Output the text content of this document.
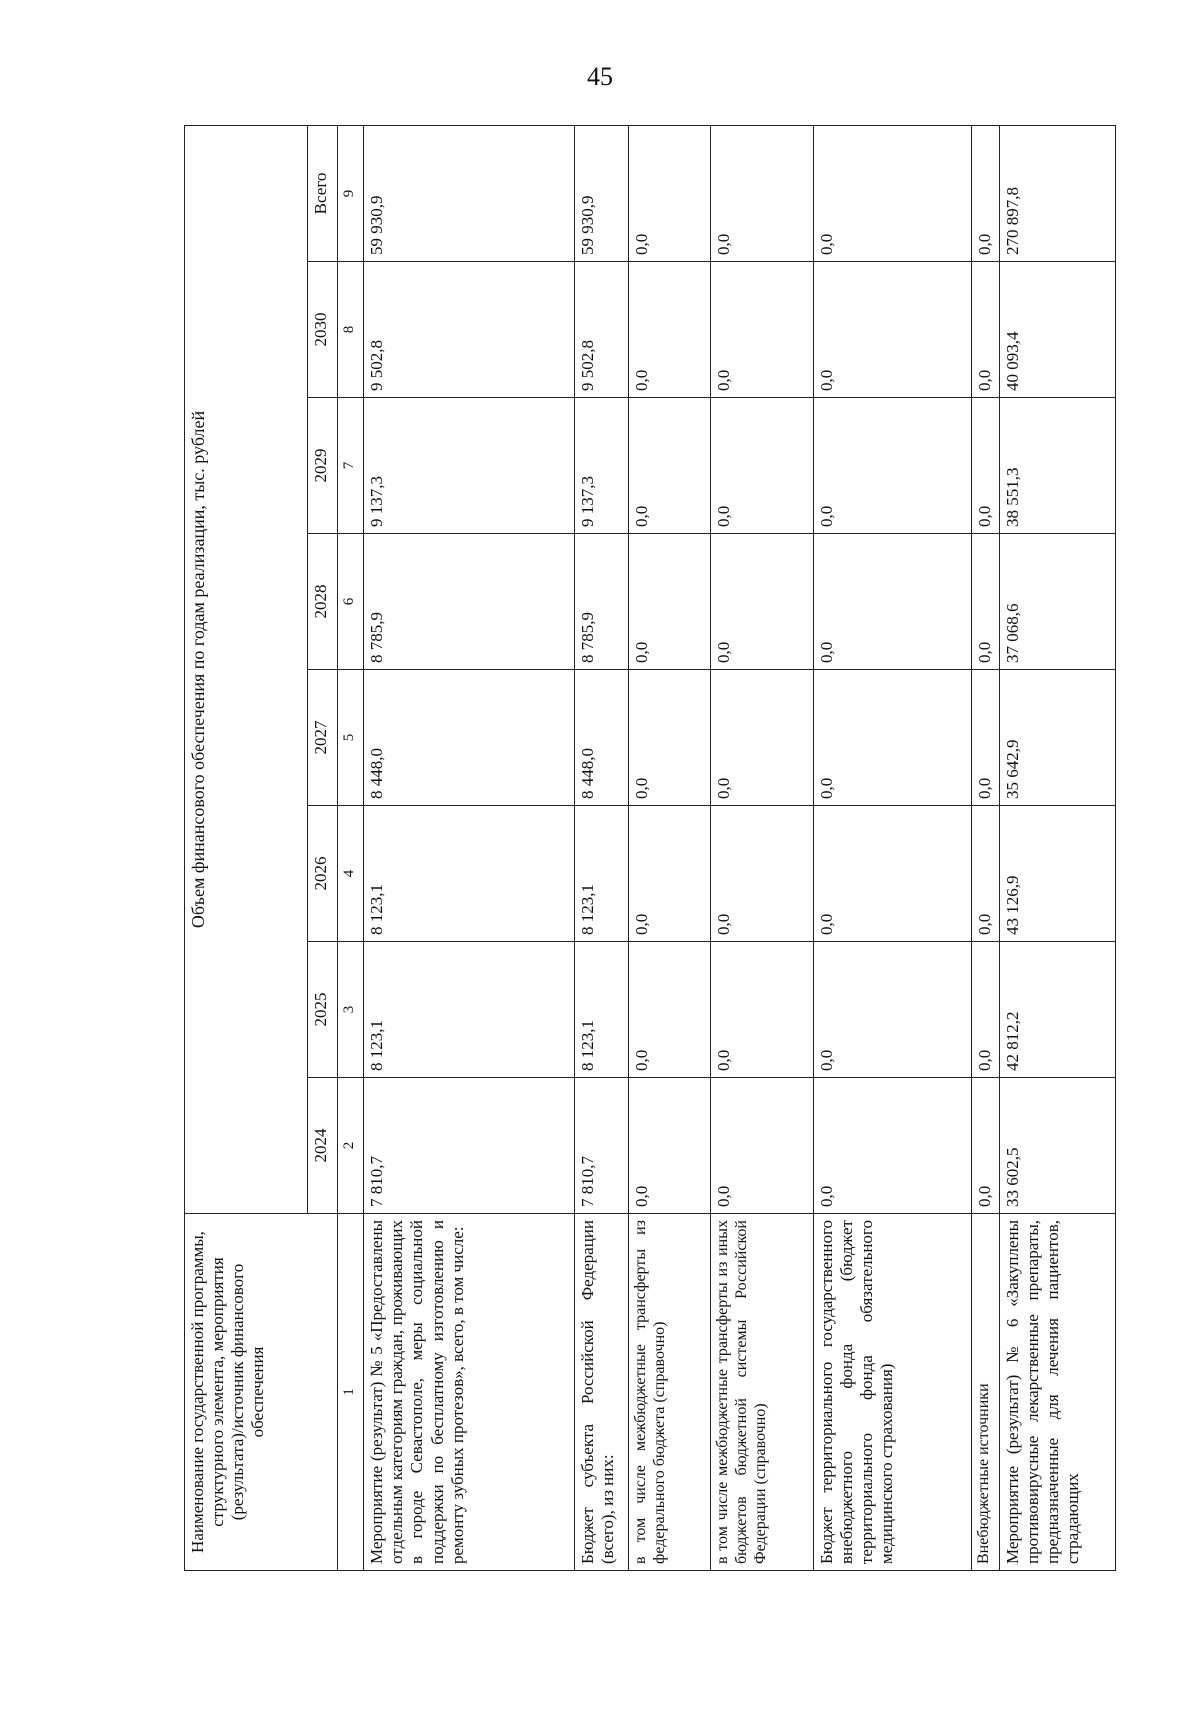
45
Наименование государственной программы, структурного элемента, мероприятия (результата)/источник финансового обеспечения	Объем финансового обеспечения по годам реализации, тыс. рублей							
	2024	2025	2026	2027	2028	2029	2030	Всего
1	2	3	4	5	6	7	8	9
Мероприятие (результат) № 5 «Предоставлены отдельным категориям граждан, проживающих в городе Севастополе, меры социальной поддержки по бесплатному изготовлению и ремонту зубных протезов», всего, в том числе:	7 810,7	8 123,1	8 123,1	8 448,0	8 785,9	9 137,3	9 502,8	59 930,9
Бюджет субъекта Российской Федерации (всего), из них:	7 810,7	8 123,1	8 123,1	8 448,0	8 785,9	9 137,3	9 502,8	59 930,9
в том числе межбюджетные трансферты из федерального бюджета (справочно)	0,0	0,0	0,0	0,0	0,0	0,0	0,0	0,0
в том числе межбюджетные трансферты из иных бюджетов бюджетной системы Российской Федерации (справочно)	0,0	0,0	0,0	0,0	0,0	0,0	0,0	0,0
Бюджет территориального государственного внебюджетного фонда (бюджет территориального фонда обязательного медицинского страхования)	0,0	0,0	0,0	0,0	0,0	0,0	0,0	0,0
Внебюджетные источники	0,0	0,0	0,0	0,0	0,0	0,0	0,0	0,0
Мероприятие (результат) № 6 «Закуплены противовирусные лекарственные препараты, предназначенные для лечения пациентов, страдающих	33 602,5	42 812,2	43 126,9	35 642,9	37 068,6	38 551,3	40 093,4	270 897,8
